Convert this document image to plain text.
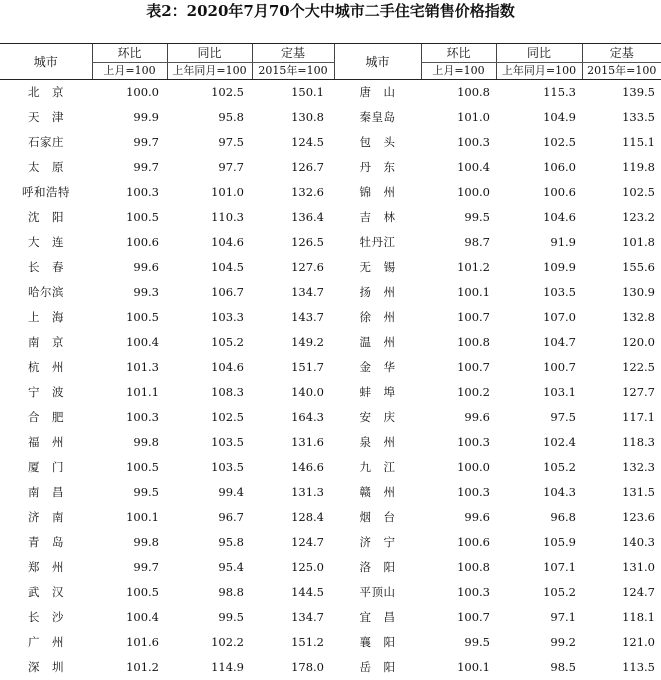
表2：2020年7月70个大中城市二手住宅销售价格指数
城市	环比	同比	定基	城市	环比	同比	定基
	上月=100	上年同月=100	2015年=100		上月=100	上年同月=100	2015年=100
北　京	100.0	102.5	150.1	唐　山	100.8	115.3	139.5
天　津	99.9	95.8	130.8	秦皇岛	101.0	104.9	133.5
石家庄	99.7	97.5	124.5	包　头	100.3	102.5	115.1
太　原	99.7	97.7	126.7	丹　东	100.4	106.0	119.8
呼和浩特	100.3	101.0	132.6	锦　州	100.0	100.6	102.5
沈　阳	100.5	110.3	136.4	吉　林	99.5	104.6	123.2
大　连	100.6	104.6	126.5	牡丹江	98.7	91.9	101.8
长　春	99.6	104.5	127.6	无　锡	101.2	109.9	155.6
哈尔滨	99.3	106.7	134.7	扬　州	100.1	103.5	130.9
上　海	100.5	103.3	143.7	徐　州	100.7	107.0	132.8
南　京	100.4	105.2	149.2	温　州	100.8	104.7	120.0
杭　州	101.3	104.6	151.7	金　华	100.7	100.7	122.5
宁　波	101.1	108.3	140.0	蚌　埠	100.2	103.1	127.7
合　肥	100.3	102.5	164.3	安　庆	99.6	97.5	117.1
福　州	99.8	103.5	131.6	泉　州	100.3	102.4	118.3
厦　门	100.5	103.5	146.6	九　江	100.0	105.2	132.3
南　昌	99.5	99.4	131.3	赣　州	100.3	104.3	131.5
济　南	100.1	96.7	128.4	烟　台	99.6	96.8	123.6
青　岛	99.8	95.8	124.7	济　宁	100.6	105.9	140.3
郑　州	99.7	95.4	125.0	洛　阳	100.8	107.1	131.0
武　汉	100.5	98.8	144.5	平顶山	100.3	105.2	124.7
长　沙	100.4	99.5	134.7	宜　昌	100.7	97.1	118.1
广　州	101.6	102.2	151.2	襄　阳	99.5	99.2	121.0
深　圳	101.2	114.9	178.0	岳　阳	100.1	98.5	113.5
